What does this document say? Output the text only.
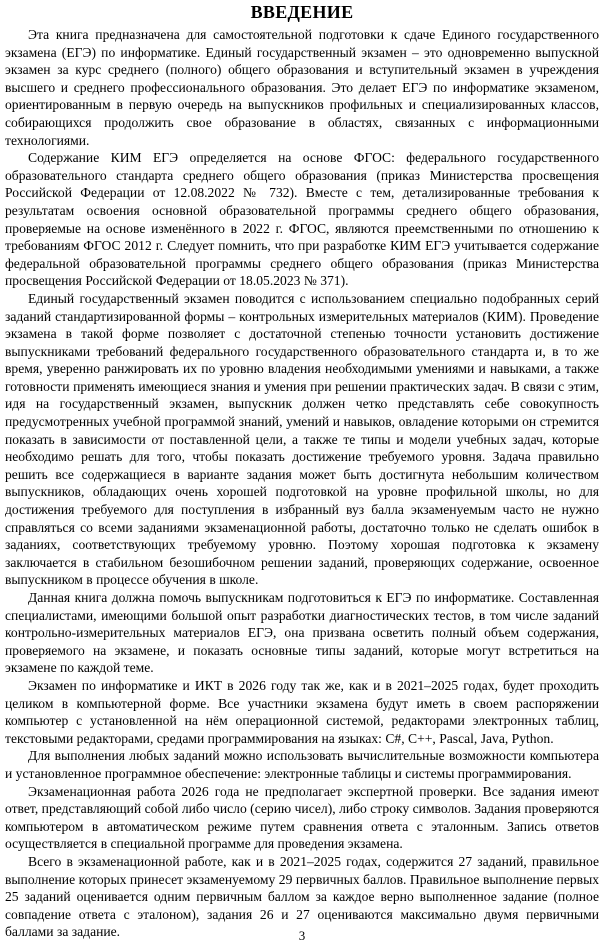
ВВЕДЕНИЕ

Эта книга предназначена для самостоятельной подготовки к сдаче Единого государственного экзамена (ЕГЭ) по информатике. Единый государственный экзамен – это одновременно выпускной экзамен за курс среднего (полного) общего образования и вступительный экзамен в учреждения высшего и среднего профессионального образования. Это делает ЕГЭ по информатике экзаменом, ориентированным в первую очередь на выпускников профильных и специализированных классов, собирающихся продолжить свое образование в областях, связанных с информационными технологиями.

Содержание КИМ ЕГЭ определяется на основе ФГОС: федерального государственного образовательного стандарта среднего общего образования (приказ Министерства просвещения Российской Федерации от 12.08.2022 № 732). Вместе с тем, детализированные требования к результатам освоения основной образовательной программы среднего общего образования, проверяемые на основе изменённого в 2022 г. ФГОС, являются преемственными по отношению к требованиям ФГОС 2012 г. Следует помнить, что при разработке КИМ ЕГЭ учитывается содержание федеральной образовательной программы среднего общего образования (приказ Министерства просвещения Российской Федерации от 18.05.2023 № 371).

Единый государственный экзамен поводится с использованием специально подобранных серий заданий стандартизированной формы – контрольных измерительных материалов (КИМ). Проведение экзамена в такой форме позволяет с достаточной степенью точности установить достижение выпускниками требований федерального государственного образовательного стандарта и, в то же время, уверенно ранжировать их по уровню владения необходимыми умениями и навыками, а также готовности применять имеющиеся знания и умения при решении практических задач. В связи с этим, идя на государственный экзамен, выпускник должен четко представлять себе совокупность предусмотренных учебной программой знаний, умений и навыков, овладение которыми он стремится показать в зависимости от поставленной цели, а также те типы и модели учебных задач, которые необходимо решать для того, чтобы показать достижение требуемого уровня. Задача правильно решить все содержащиеся в варианте задания может быть достигнута небольшим количеством выпускников, обладающих очень хорошей подготовкой на уровне профильной школы, но для достижения требуемого для поступления в избранный вуз балла экзаменуемым часто не нужно справляться со всеми заданиями экзаменационной работы, достаточно только не сделать ошибок в заданиях, соответствующих требуемому уровню. Поэтому хорошая подготовка к экзамену заключается в стабильном безошибочном решении заданий, проверяющих содержание, освоенное выпускником в процессе обучения в школе.

Данная книга должна помочь выпускникам подготовиться к ЕГЭ по информатике. Составленная специалистами, имеющими большой опыт разработки диагностических тестов, в том числе заданий контрольно-измерительных материалов ЕГЭ, она призвана осветить полный объем содержания, проверяемого на экзамене, и показать основные типы заданий, которые могут встретиться на экзамене по каждой теме.

Экзамен по информатике и ИКТ в 2026 году так же, как и в 2021–2025 годах, будет проходить целиком в компьютерной форме. Все участники экзамена будут иметь в своем распоряжении компьютер с установленной на нём операционной системой, редакторами электронных таблиц, текстовыми редакторами, средами программирования на языках: C#, C++, Pascal, Java, Python.

Для выполнения любых заданий можно использовать вычислительные возможности компьютера и установленное программное обеспечение: электронные таблицы и системы программирования.

Экзаменационная работа 2026 года не предполагает экспертной проверки. Все задания имеют ответ, представляющий собой либо число (серию чисел), либо строку символов. Задания проверяются компьютером в автоматическом режиме путем сравнения ответа с эталонным. Запись ответов осуществляется в специальной программе для проведения экзамена.

Всего в экзаменационной работе, как и в 2021–2025 годах, содержится 27 заданий, правильное выполнение которых принесет экзаменуемому 29 первичных баллов. Правильное выполнение первых 25 заданий оценивается одним первичным баллом за каждое верно выполненное задание (полное совпадение ответа с эталоном), задания 26 и 27 оцениваются максимально двумя первичными баллами за задание.	3
